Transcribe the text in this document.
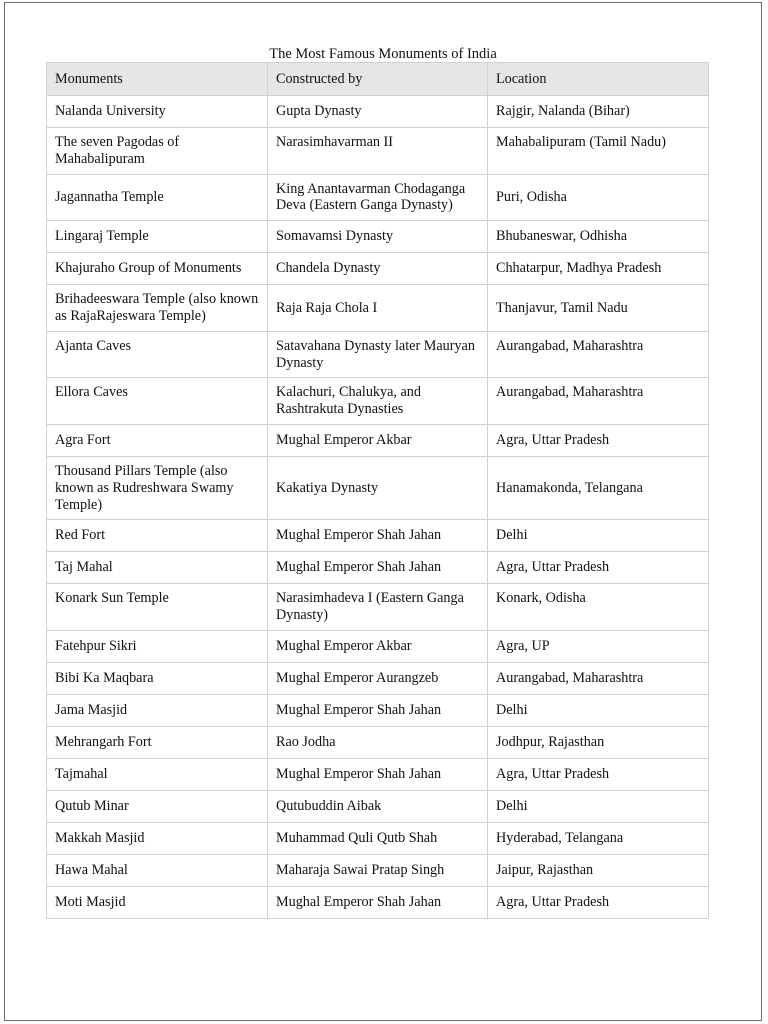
The Most Famous Monuments of India
Monuments	Constructed by	Location
Nalanda University	Gupta Dynasty	Rajgir, Nalanda (Bihar)
The seven Pagodas of Mahabalipuram	Narasimhavarman II	Mahabalipuram (Tamil Nadu)
Jagannatha Temple	King Anantavarman Chodaganga Deva (Eastern Ganga Dynasty)	Puri, Odisha
Lingaraj Temple	Somavamsi Dynasty	Bhubaneswar, Odhisha
Khajuraho Group of Monuments	Chandela Dynasty	Chhatarpur, Madhya Pradesh
Brihadeeswara Temple (also known as RajaRajeswara Temple)	Raja Raja Chola I	Thanjavur, Tamil Nadu
Ajanta Caves	Satavahana Dynasty later Mauryan Dynasty	Aurangabad, Maharashtra
Ellora Caves	Kalachuri, Chalukya, and Rashtrakuta Dynasties	Aurangabad, Maharashtra
Agra Fort	Mughal Emperor Akbar	Agra, Uttar Pradesh
Thousand Pillars Temple (also known as Rudreshwara Swamy Temple)	Kakatiya Dynasty	Hanamakonda, Telangana
Red Fort	Mughal Emperor Shah Jahan	Delhi
Taj Mahal	Mughal Emperor Shah Jahan	Agra, Uttar Pradesh
Konark Sun Temple	Narasimhadeva I (Eastern Ganga Dynasty)	Konark, Odisha
Fatehpur Sikri	Mughal Emperor Akbar	Agra, UP
Bibi Ka Maqbara	Mughal Emperor Aurangzeb	Aurangabad, Maharashtra
Jama Masjid	Mughal Emperor Shah Jahan	Delhi
Mehrangarh Fort	Rao Jodha	Jodhpur, Rajasthan
Tajmahal	Mughal Emperor Shah Jahan	Agra, Uttar Pradesh
Qutub Minar	Qutubuddin Aibak	Delhi
Makkah Masjid	Muhammad Quli Qutb Shah	Hyderabad, Telangana
Hawa Mahal	Maharaja Sawai Pratap Singh	Jaipur, Rajasthan
Moti Masjid	Mughal Emperor Shah Jahan	Agra, Uttar Pradesh
